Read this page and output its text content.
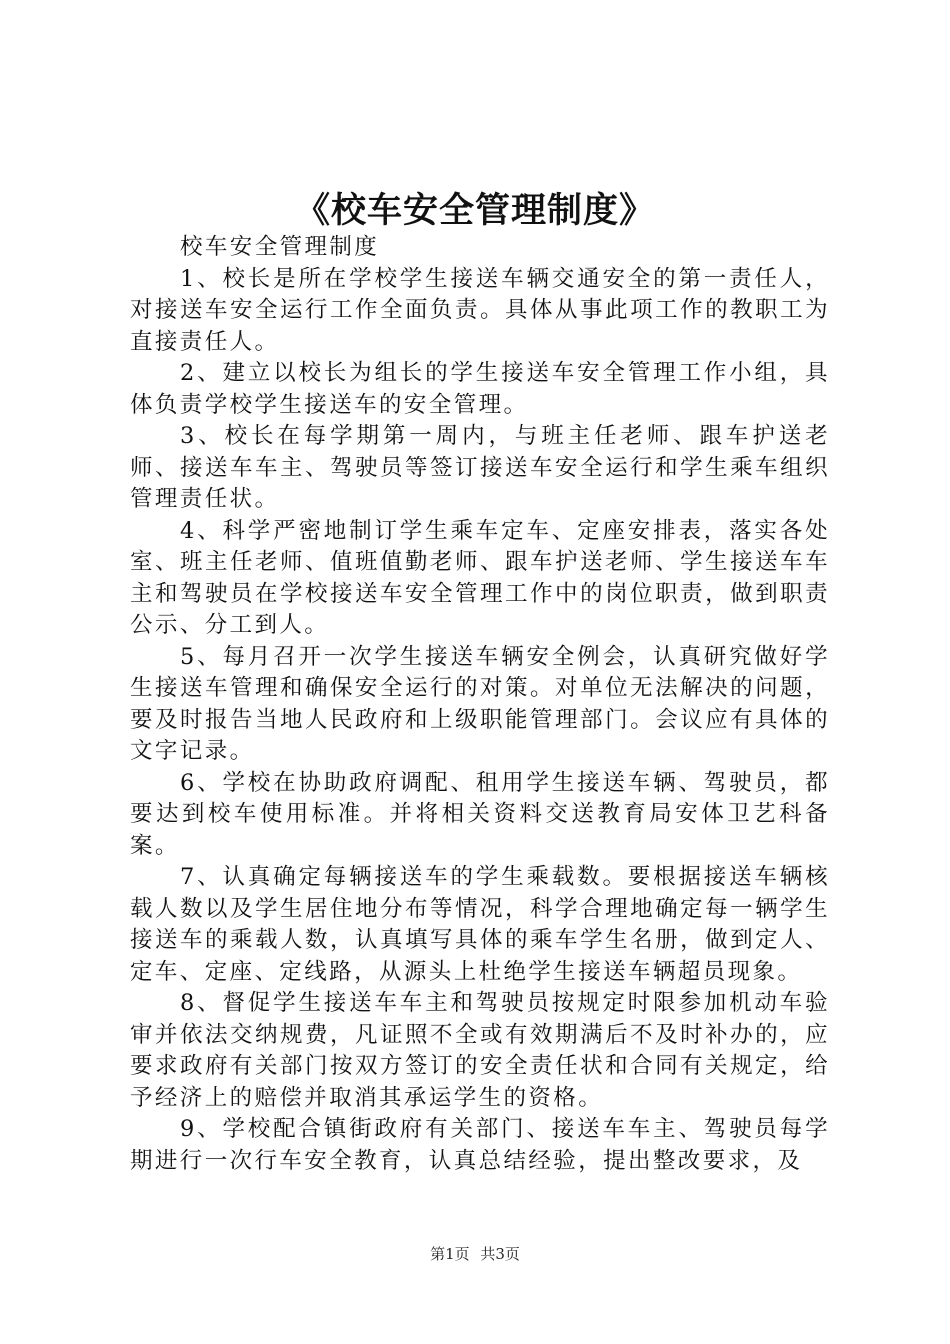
《校车安全管理制度》

校车安全管理制度

1、校长是所在学校学生接送车辆交通安全的第一责任人，对接送车安全运行工作全面负责。具体从事此项工作的教职工为直接责任人。

2、建立以校长为组长的学生接送车安全管理工作小组，具体负责学校学生接送车的安全管理。

3、校长在每学期第一周内，与班主任老师、跟车护送老师、接送车车主、驾驶员等签订接送车安全运行和学生乘车组织管理责任状。

4、科学严密地制订学生乘车定车、定座安排表，落实各处室、班主任老师、值班值勤老师、跟车护送老师、学生接送车车主和驾驶员在学校接送车安全管理工作中的岗位职责，做到职责公示、分工到人。

5、每月召开一次学生接送车辆安全例会，认真研究做好学生接送车管理和确保安全运行的对策。对单位无法解决的问题，要及时报告当地人民政府和上级职能管理部门。会议应有具体的文字记录。

6、学校在协助政府调配、租用学生接送车辆、驾驶员，都要达到校车使用标准。并将相关资料交送教育局安体卫艺科备案。

7、认真确定每辆接送车的学生乘载数。要根据接送车辆核载人数以及学生居住地分布等情况，科学合理地确定每一辆学生接送车的乘载人数，认真填写具体的乘车学生名册，做到定人、定车、定座、定线路，从源头上杜绝学生接送车辆超员现象。

8、督促学生接送车车主和驾驶员按规定时限参加机动车验审并依法交纳规费，凡证照不全或有效期满后不及时补办的，应要求政府有关部门按双方签订的安全责任状和合同有关规定，给予经济上的赔偿并取消其承运学生的资格。

9、学校配合镇街政府有关部门、接送车车主、驾驶员每学期进行一次行车安全教育，认真总结经验，提出整改要求，及

第1页 共3页
